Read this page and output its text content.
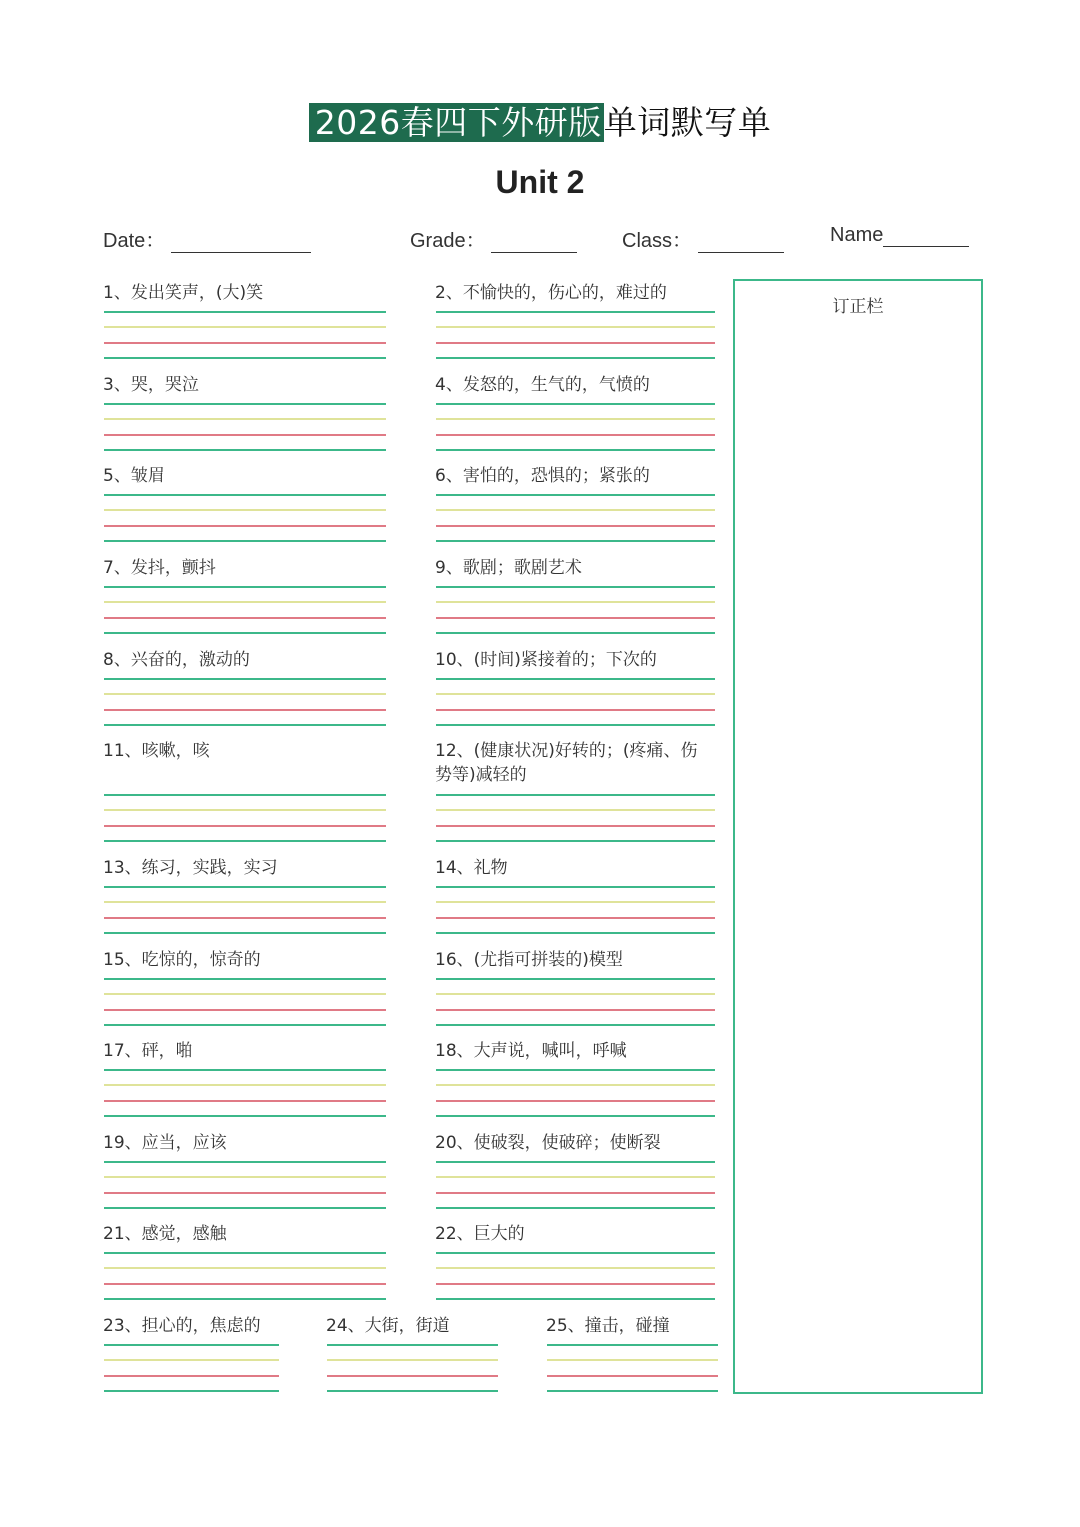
2026春四下外研版单词默写单
Unit 2
Date：	Grade：	Class：	Name
订正栏
1、发出笑声，(大)笑	2、不愉快的，伤心的，难过的
3、哭，哭泣	4、发怒的，生气的，气愤的
5、皱眉	6、害怕的，恐惧的；紧张的
7、发抖，颤抖	9、歌剧；歌剧艺术
8、兴奋的，激动的	10、(时间)紧接着的；下次的
11、咳嗽，咳	12、(健康状况)好转的；(疼痛、伤势等)减轻的
13、练习，实践，实习	14、礼物
15、吃惊的，惊奇的	16、(尤指可拼装的)模型
17、砰，啪	18、大声说，喊叫，呼喊
19、应当，应该	20、使破裂，使破碎；使断裂
21、感觉，感触	22、巨大的
23、担心的，焦虑的	24、大街，街道	25、撞击，碰撞
